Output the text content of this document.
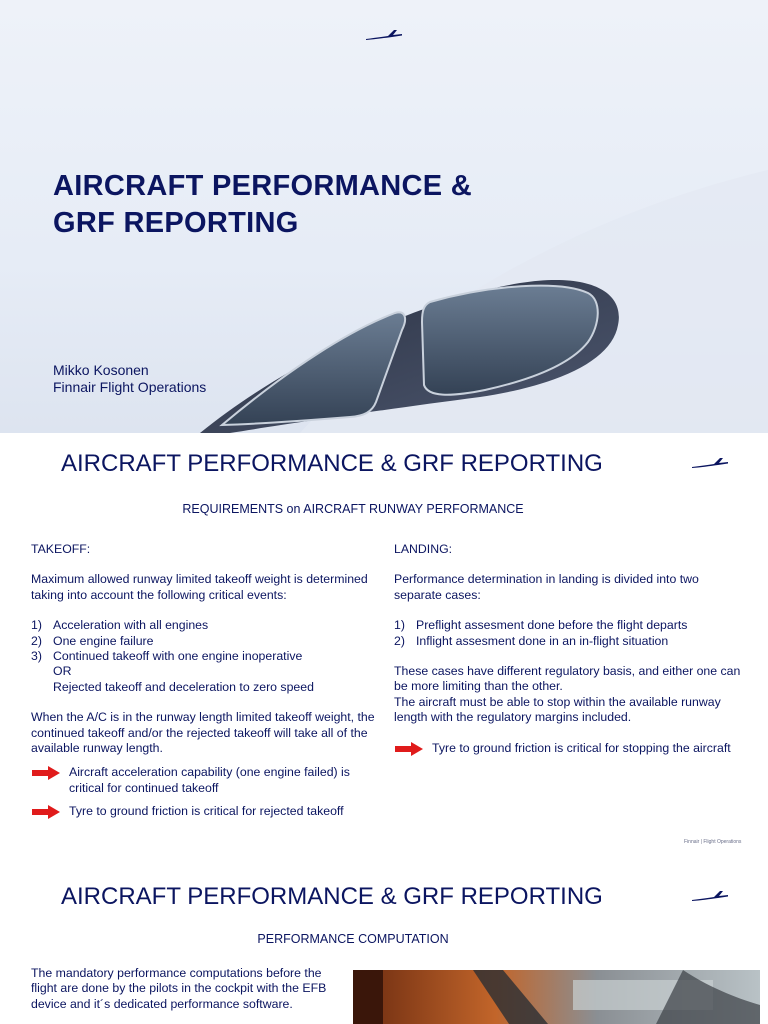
AIRCRAFT PERFORMANCE &
GRF REPORTING
Mikko Kosonen
Finnair Flight Operations
AIRCRAFT PERFORMANCE & GRF REPORTING
REQUIREMENTS on AIRCRAFT RUNWAY PERFORMANCE

TAKEOFF:

Maximum allowed runway limited takeoff weight is determined taking into account the following critical events:

1) Acceleration with all engines
2) One engine failure
3) Continued takeoff with one engine inoperative

OR

Rejected takeoff and deceleration to zero speed

When the A/C is in the runway length limited takeoff weight, the continued takeoff and/or the rejected takeoff will take all of the available runway length.

Aircraft acceleration capability (one engine failed) is critical for continued takeoff
Tyre to ground friction is critical for rejected takeoff

LANDING:

Performance determination in landing is divided into two separate cases:

1) Preflight assesment done before the flight departs
2) Inflight assesment done in an in-flight situation

These cases have different regulatory basis, and either one can be more limiting than the other.

The aircraft must be able to stop within the available runway length with the regulatory margins included.

Tyre to ground friction is critical for stopping the aircraft
Finnair | Flight Operations
AIRCRAFT PERFORMANCE & GRF REPORTING
PERFORMANCE COMPUTATION

The mandatory performance computations before the flight are done by the pilots in the cockpit with the EFB device and it´s dedicated performance software.
